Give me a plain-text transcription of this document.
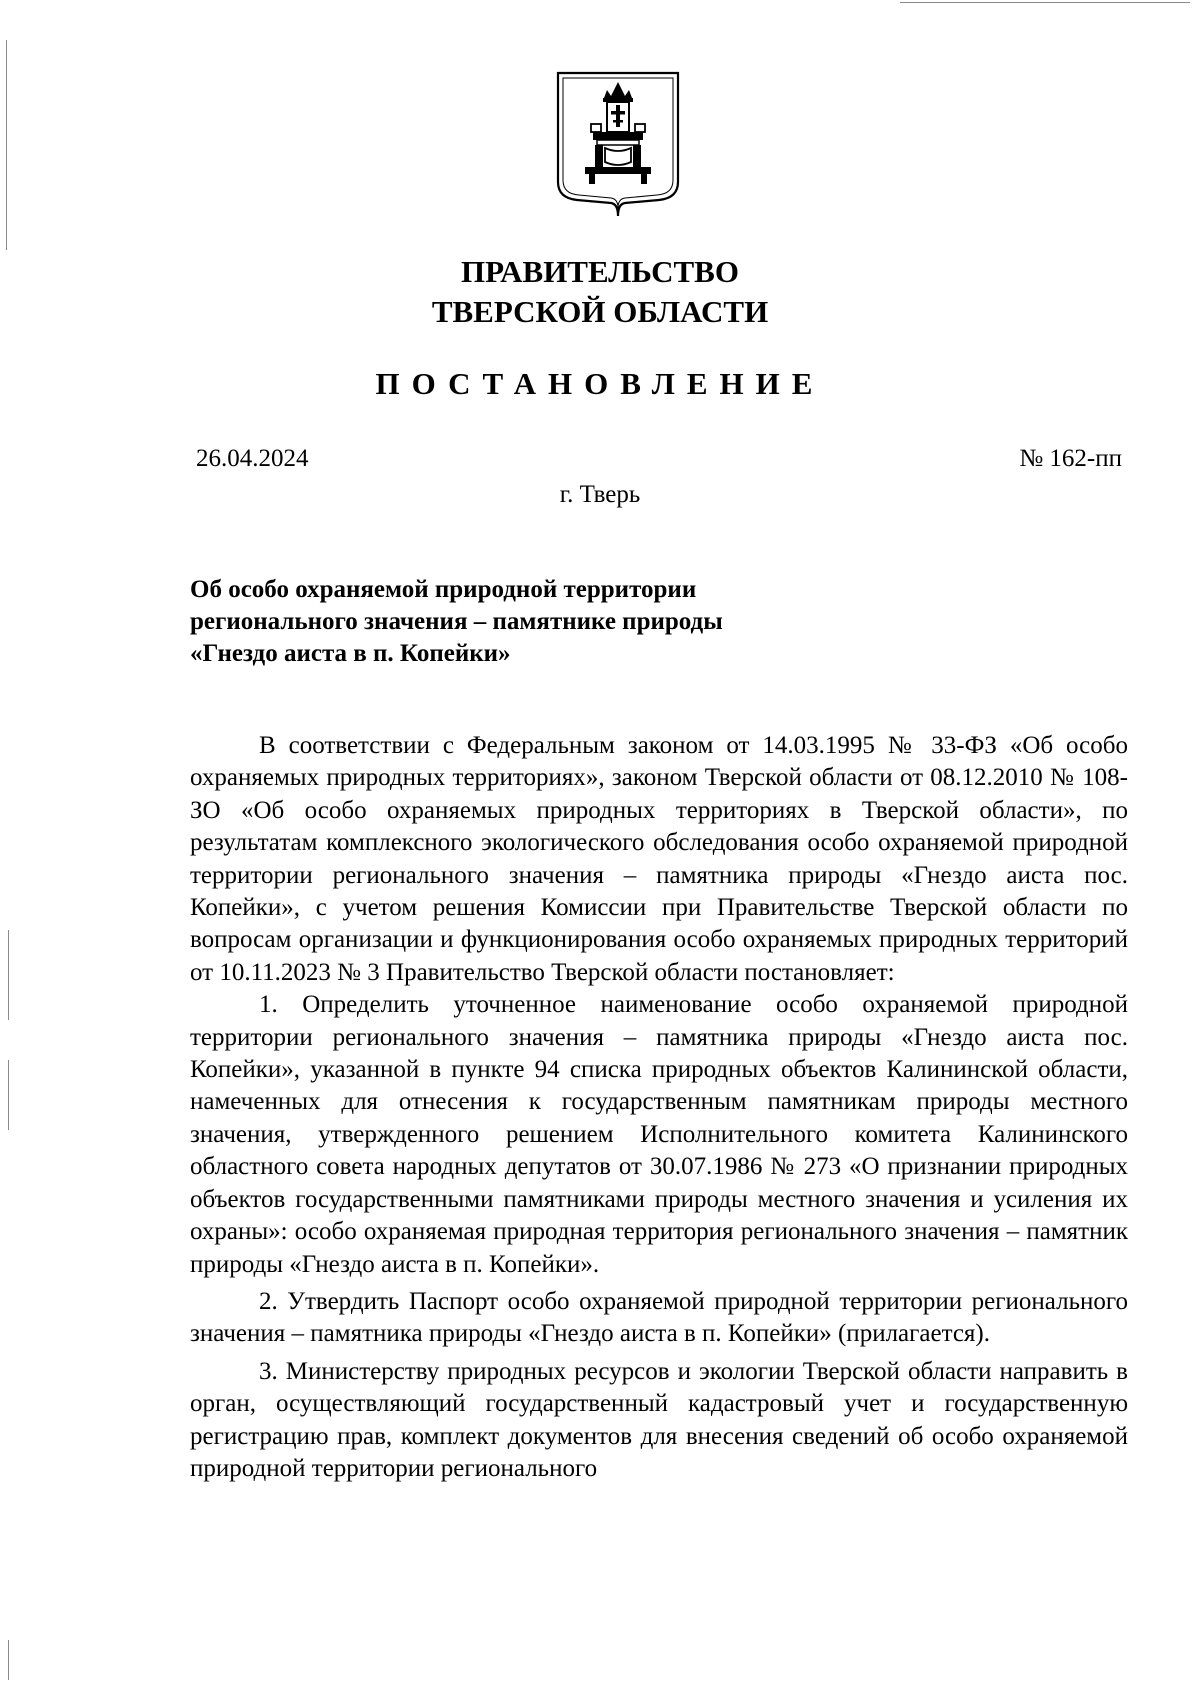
ПРАВИТЕЛЬСТВО
ТВЕРСКОЙ ОБЛАСТИ
ПОСТАНОВЛЕНИЕ
26.04.2024	№ 162-пп
г. Тверь
Об особо охраняемой природной территории
регионального значения – памятнике природы
«Гнездо аиста в п. Копейки»

В соответствии с Федеральным законом от 14.03.1995 № 33-ФЗ «Об особо охраняемых природных территориях», законом Тверской области от 08.12.2010 № 108-ЗО «Об особо охраняемых природных территориях в Тверской области», по результатам комплексного экологического обследования особо охраняемой природной территории регионального значения – памятника природы «Гнездо аиста пос. Копейки», с учетом решения Комиссии при Правительстве Тверской области по вопросам организации и функционирования особо охраняемых природных территорий от 10.11.2023 № 3 Правительство Тверской области постановляет:

1. Определить уточненное наименование особо охраняемой природной территории регионального значения – памятника природы «Гнездо аиста пос. Копейки», указанной в пункте 94 списка природных объектов Калининской области, намеченных для отнесения к государственным памятникам природы местного значения, утвержденного решением Исполнительного комитета Калининского областного совета народных депутатов от 30.07.1986 № 273 «О признании природных объектов государственными памятниками природы местного значения и усиления их охраны»: особо охраняемая природная территория регионального значения – памятник природы «Гнездо аиста в п. Копейки».

2. Утвердить Паспорт особо охраняемой природной территории регионального значения – памятника природы «Гнездо аиста в п. Копейки» (прилагается).

3. Министерству природных ресурсов и экологии Тверской области направить в орган, осуществляющий государственный кадастровый учет и государственную регистрацию прав, комплект документов для внесения сведений об особо охраняемой природной территории регионального
